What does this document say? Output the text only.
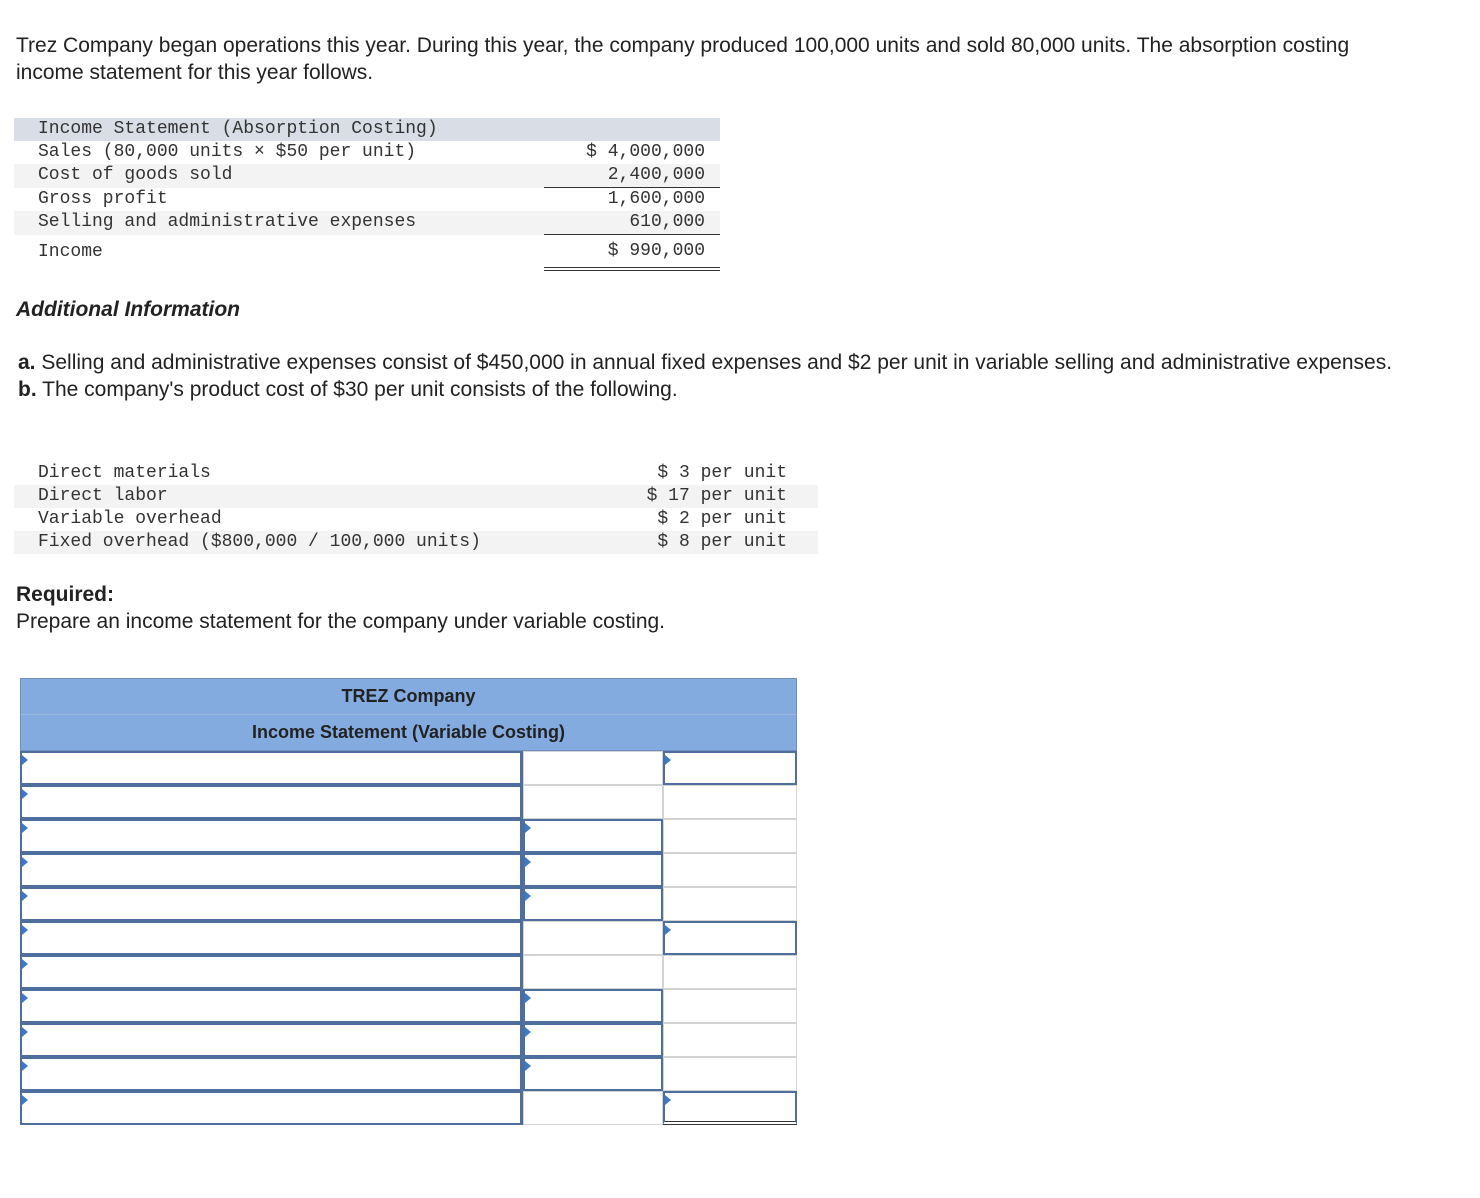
Trez Company began operations this year. During this year, the company produced 100,000 units and sold 80,000 units. The absorption costing income statement for this year follows.

Income Statement (Absorption Costing)	
Sales (80,000 units × $50 per unit)	$ 4,000,000
Cost of goods sold	2,400,000
Gross profit	1,600,000
Selling and administrative expenses	610,000
Income	$ 990,000

Additional Information

a. Selling and administrative expenses consist of $450,000 in annual fixed expenses and $2 per unit in variable selling and administrative expenses.
b. The company's product cost of $30 per unit consists of the following.
Direct materials	$ 3 per unit
Direct labor	$ 17 per unit
Variable overhead	$ 2 per unit
Fixed overhead ($800,000 / 100,000 units)	$ 8 per unit

Required:

Prepare an income statement for the company under variable costing.

TREZ Company
Income Statement (Variable Costing)
